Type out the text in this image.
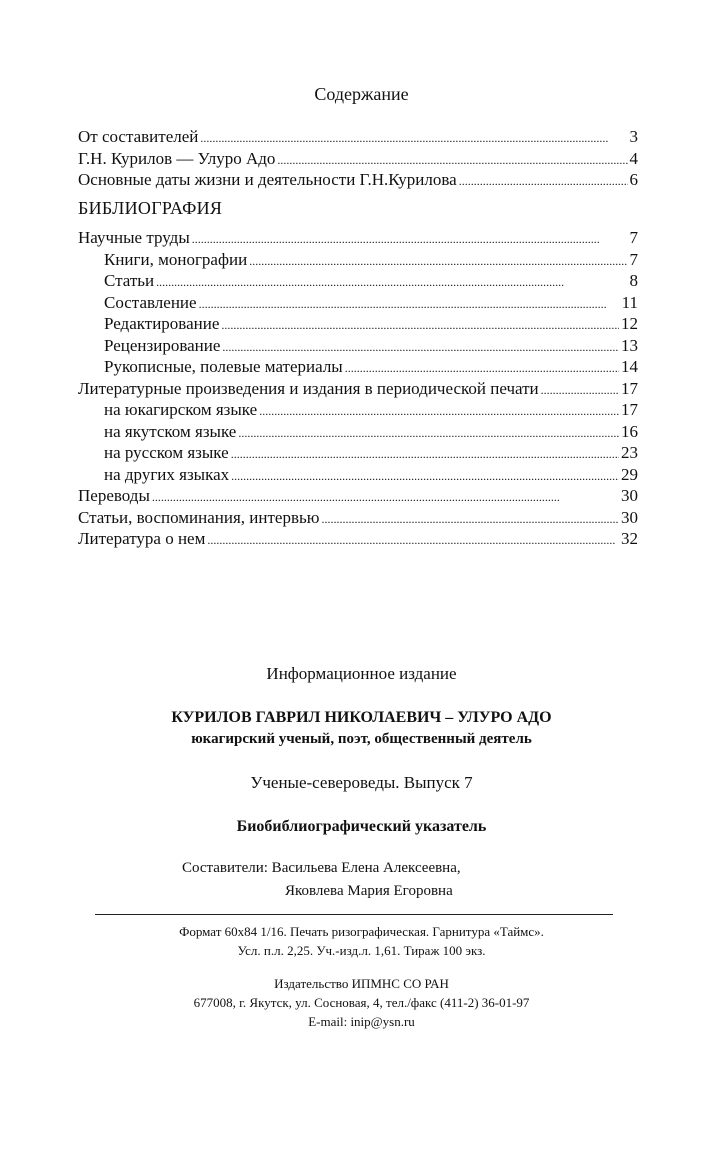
Содержание
От составителей . . .	3
Г.Н. Курилов — Улуро Адо . . .	4
Основные даты жизни и деятельности Г.Н.Курилова . . .	6
БИБЛИОГРАФИЯ
Научные труды . . .	7
Книги, монографии . . .	7
Статьи . . .	8
Составление . . .	11
Редактирование . . .	12
Рецензирование . . .	13
Рукописные, полевые материалы . . .	14
Литературные произведения и издания в периодической печати . . .	17
на юкагирском языке . . .	17
на якутском языке . . .	16
на русском языке . . .	23
на других языках . . .	29
Переводы . . .	30
Статьи, воспоминания, интервью . . .	30
Литература о нем . . .	32
Информационное издание
КУРИЛОВ ГАВРИЛ НИКОЛАЕВИЧ – УЛУРО АДО
юкагирский ученый, поэт, общественный деятель
Ученые-североведы. Выпуск 7
Биобиблиографический указатель
Составители: Васильева Елена Алексеевна,
Яковлева Мария Егоровна
Формат 60x84 1/16. Печать ризографическая. Гарнитура «Таймс».
Усл. п.л. 2,25. Уч.-изд.л. 1,61. Тираж 100 экз.
Издательство ИПМНС СО РАН
677008, г. Якутск, ул. Сосновая, 4, тел./факс (411-2) 36-01-97
E-mail: inip@ysn.ru
